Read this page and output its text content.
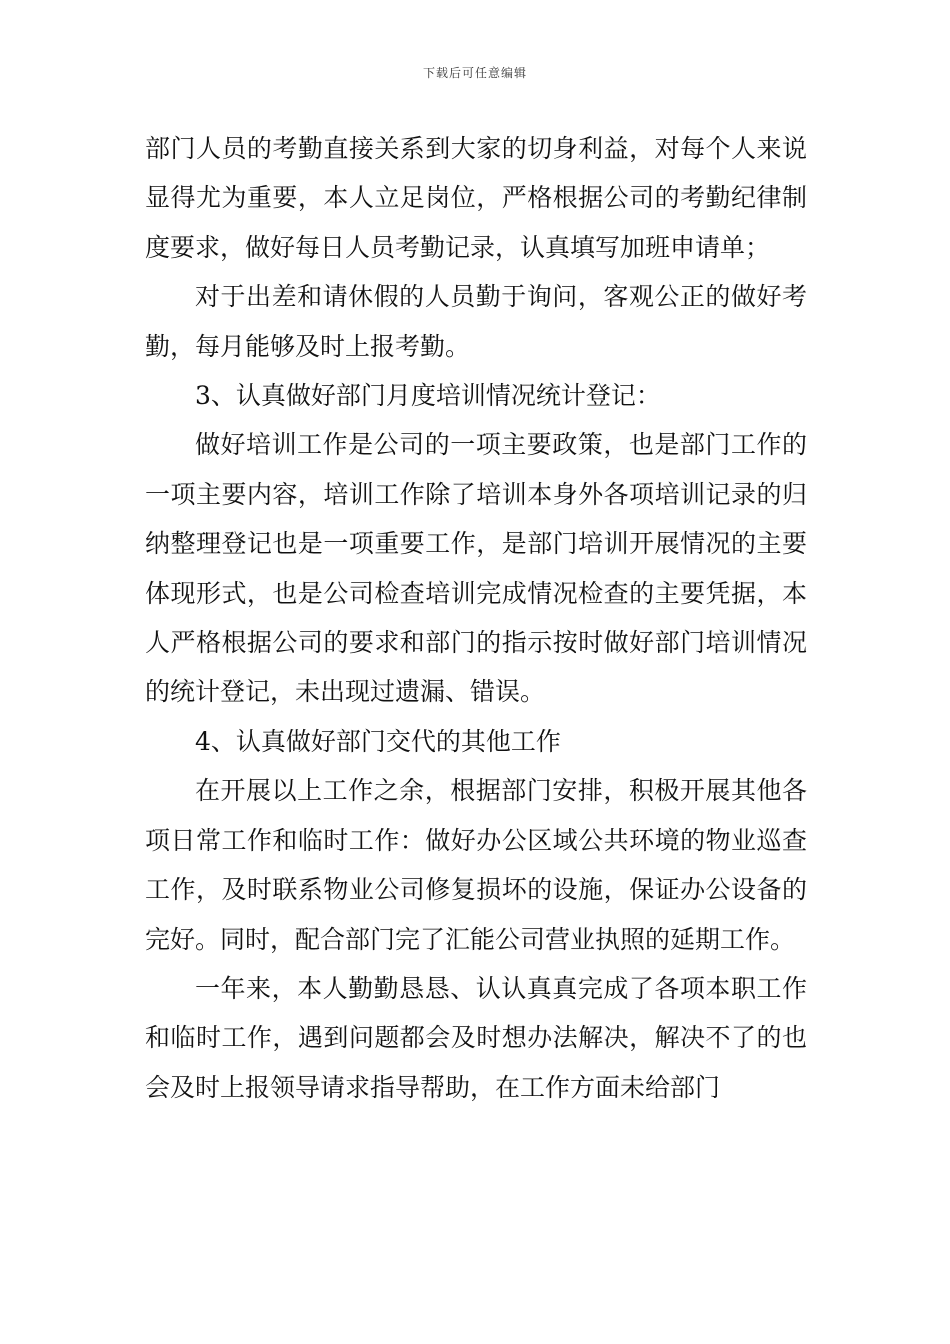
下载后可任意编辑

部门人员的考勤直接关系到大家的切身利益，对每个人来说显得尤为重要，本人立足岗位，严格根据公司的考勤纪律制度要求，做好每日人员考勤记录，认真填写加班申请单；

对于出差和请休假的人员勤于询问，客观公正的做好考勤，每月能够及时上报考勤。

3、认真做好部门月度培训情况统计登记：

做好培训工作是公司的一项主要政策，也是部门工作的一项主要内容，培训工作除了培训本身外各项培训记录的归纳整理登记也是一项重要工作，是部门培训开展情况的主要体现形式，也是公司检查培训完成情况检查的主要凭据，本人严格根据公司的要求和部门的指示按时做好部门培训情况的统计登记，未出现过遗漏、错误。

4、认真做好部门交代的其他工作

在开展以上工作之余，根据部门安排，积极开展其他各项日常工作和临时工作：做好办公区域公共环境的物业巡查工作，及时联系物业公司修复损坏的设施，保证办公设备的完好。同时，配合部门完了汇能公司营业执照的延期工作。

一年来，本人勤勤恳恳、认认真真完成了各项本职工作和临时工作，遇到问题都会及时想办法解决，解决不了的也会及时上报领导请求指导帮助，在工作方面未给部门
